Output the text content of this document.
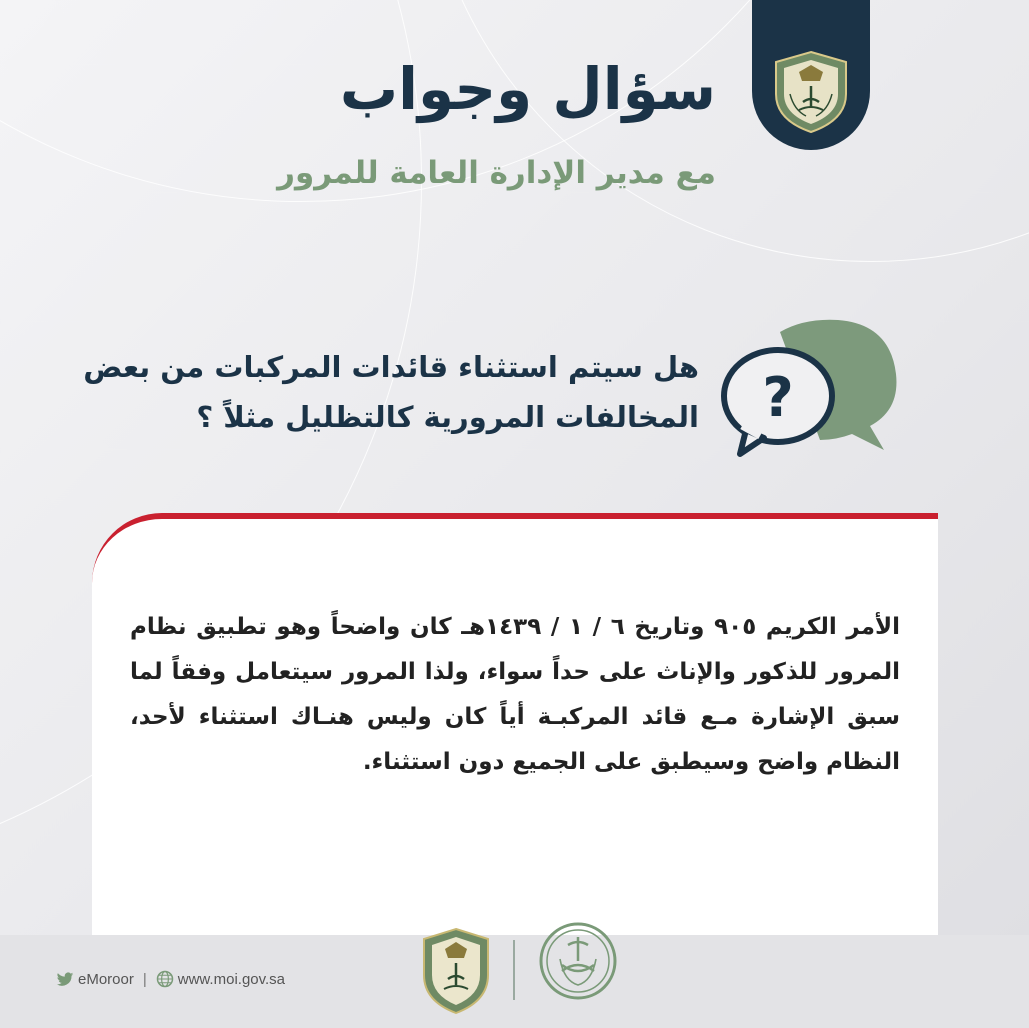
سؤال وجواب
مع مدير الإدارة العامة للمرور
?

هل سيتم استثناء قائدات المركبات من بعض
المخالفات المرورية كالتظليل مثلاً ؟

الأمر الكريم ٩٠٥ وتاريخ ٦ / ١ / ١٤٣٩هـ كان واضحاً وهو تطبيق نظام المرور للذكور والإناث على حداً سواء، ولذا المرور سيتعامل وفقاً لما سبق الإشارة مـع قائد المركبـة أياً كان وليس هنـاك استثناء لأحد، النظام واضح وسيطبق على الجميع دون استثناء.

eMoroor | www.moi.gov.sa
